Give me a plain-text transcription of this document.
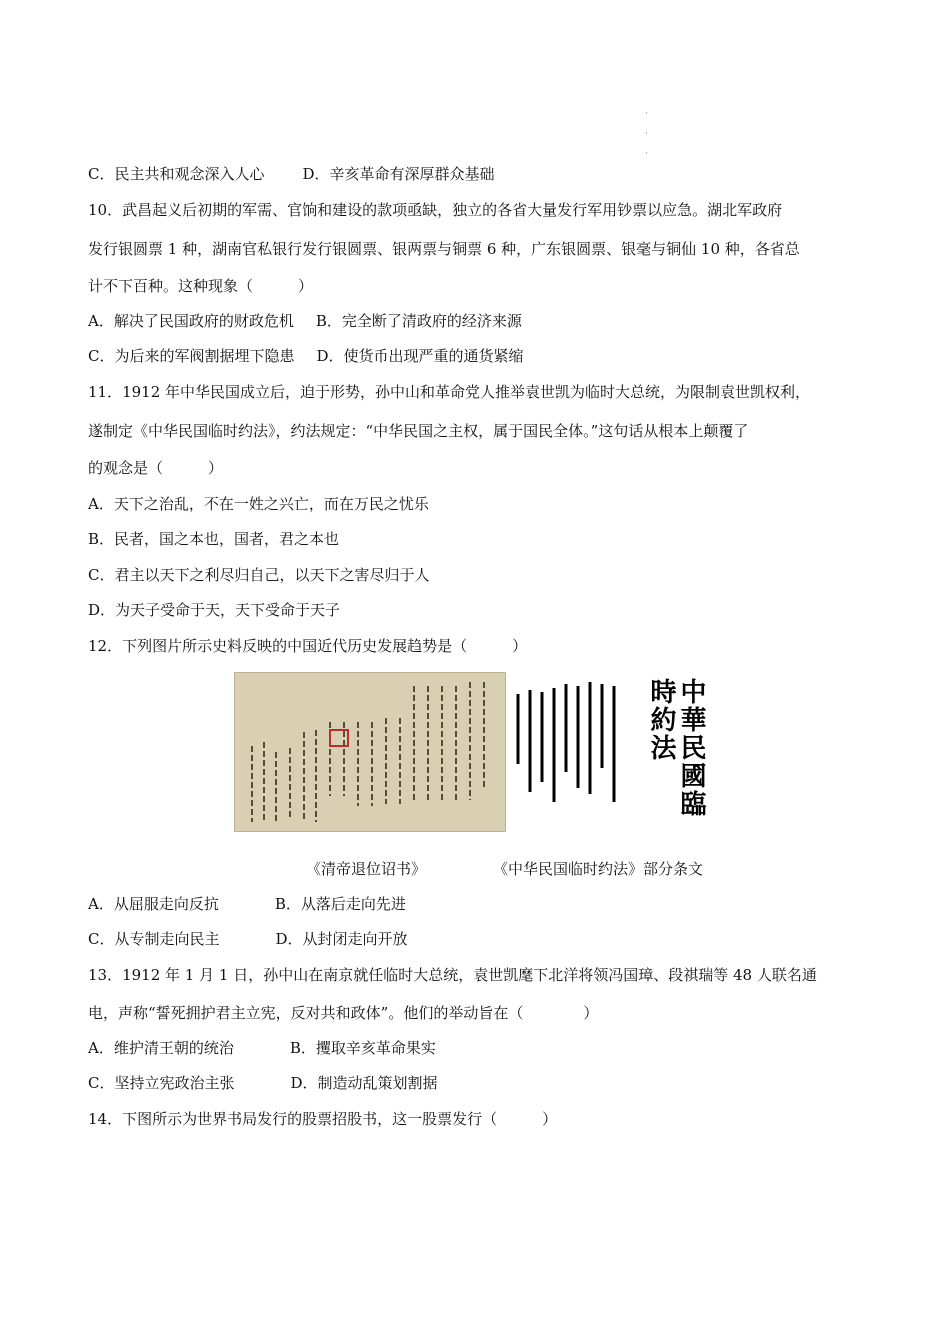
·
·
·
C．民主共和观念深入人心	D．辛亥革命有深厚群众基础
10．武昌起义后初期的军需、官饷和建设的款项亟缺，独立的各省大量发行军用钞票以应急。湖北军政府
发行银圆票 1 种，湖南官私银行发行银圆票、银两票与铜票 6 种，广东银圆票、银毫与铜仙 10 种，各省总
计不下百种。这种现象（　　　）
A．解决了民国政府的财政危机 B．完全断了清政府的经济来源
C．为后来的军阀割据埋下隐患 D．使货币出现严重的通货紧缩
11．1912 年中华民国成立后，迫于形势，孙中山和革命党人推举袁世凯为临时大总统，为限制袁世凯权利，
遂制定《中华民国临时约法》，约法规定：“中华民国之主权，属于国民全体。”这句话从根本上颠覆了
的观念是（　　　）
A．天下之治乱，不在一姓之兴亡，而在万民之忧乐
B．民者，国之本也，国者，君之本也
C．君主以天下之利尽归自己，以天下之害尽归于人
D．为天子受命于天，天下受命于天子
12．下列图片所示史料反映的中国近代历史发展趋势是（　　　）
中華民國臨時約法
《清帝退位诏书》	《中华民国临时约法》部分条文
A．从屈服走向反抗	B．从落后走向先进
C．从专制走向民主	D．从封闭走向开放
13．1912 年 1 月 1 日，孙中山在南京就任临时大总统，袁世凯麾下北洋将领冯国璋、段祺瑞等 48 人联名通
电，声称“誓死拥护君主立宪，反对共和政体”。他们的举动旨在（　　　　）
A．维护清王朝的统治	B．攫取辛亥革命果实
C．坚持立宪政治主张	D．制造动乱策划割据
14．下图所示为世界书局发行的股票招股书，这一股票发行（　　　）
